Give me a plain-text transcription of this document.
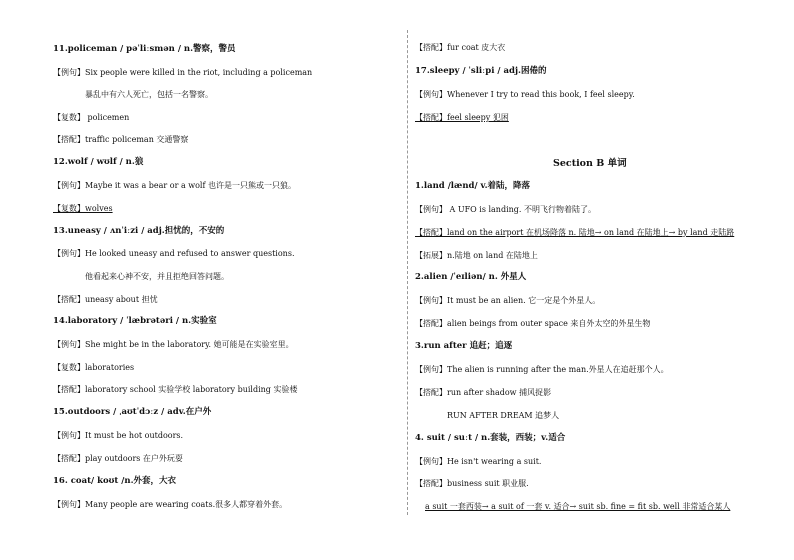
11.policeman / pəˈliːsmən / n.警察，警员
【例句】Six people were killed in the riot, including a policeman
暴乱中有六人死亡，包括一名警察。
【复数】 policemen
【搭配】traffic policeman 交通警察
12.wolf / wʊlf / n.狼
【例句】Maybe it was a bear or a wolf 也许是一只熊或一只狼。
【复数】wolves
13.uneasy / ʌnˈiːzi / adj.担忧的，不安的
【例句】He looked uneasy and refused to answer questions.
他看起来心神不安，并且拒绝回答问题。
【搭配】uneasy about 担忧
14.laboratory / ˈlæbrətəri / n.实验室
【例句】She might be in the laboratory. 她可能是在实验室里。
【复数】laboratories
【搭配】laboratory school 实验学校 laboratory building 实验楼
15.outdoors / ˌaʊtˈdɔːz / adv.在户外
【例句】It must be hot outdoors.
【搭配】play outdoors 在户外玩耍
16. coat/ koʊt /n.外套，大衣
【例句】Many people are wearing coats.很多人都穿着外套。
【搭配】fur coat 皮大衣
17.sleepy / ˈsliːpi / adj.困倦的
【例句】Whenever I try to read this book, I feel sleepy.
【搭配】feel sleepy 犯困
Section B 单词
1.land /lænd/ v.着陆，降落
【例句】 A UFO is landing. 不明飞行物着陆了。
【搭配】land on the airport 在机场降落 n. 陆地→ on land 在陆地上→ by land 走陆路
【拓展】n.陆地 on land 在陆地上
2.alien /ˈeɪliən/ n. 外星人
【例句】It must be an alien. 它一定是个外星人。
【搭配】alien beings from outer space 来自外太空的外星生物
3.run after 追赶；追逐
【例句】The alien is running after the man.外星人在追赶那个人。
【搭配】run after shadow 捕风捉影
RUN AFTER DREAM 追梦人
4. suit / suːt / n.套装，西装；v.适合
【例句】He isn't wearing a suit.
【搭配】business suit 职业服.
a suit 一套西装→ a suit of 一套 v. 适合→ suit sb. fine = fit sb. well 非常适合某人
